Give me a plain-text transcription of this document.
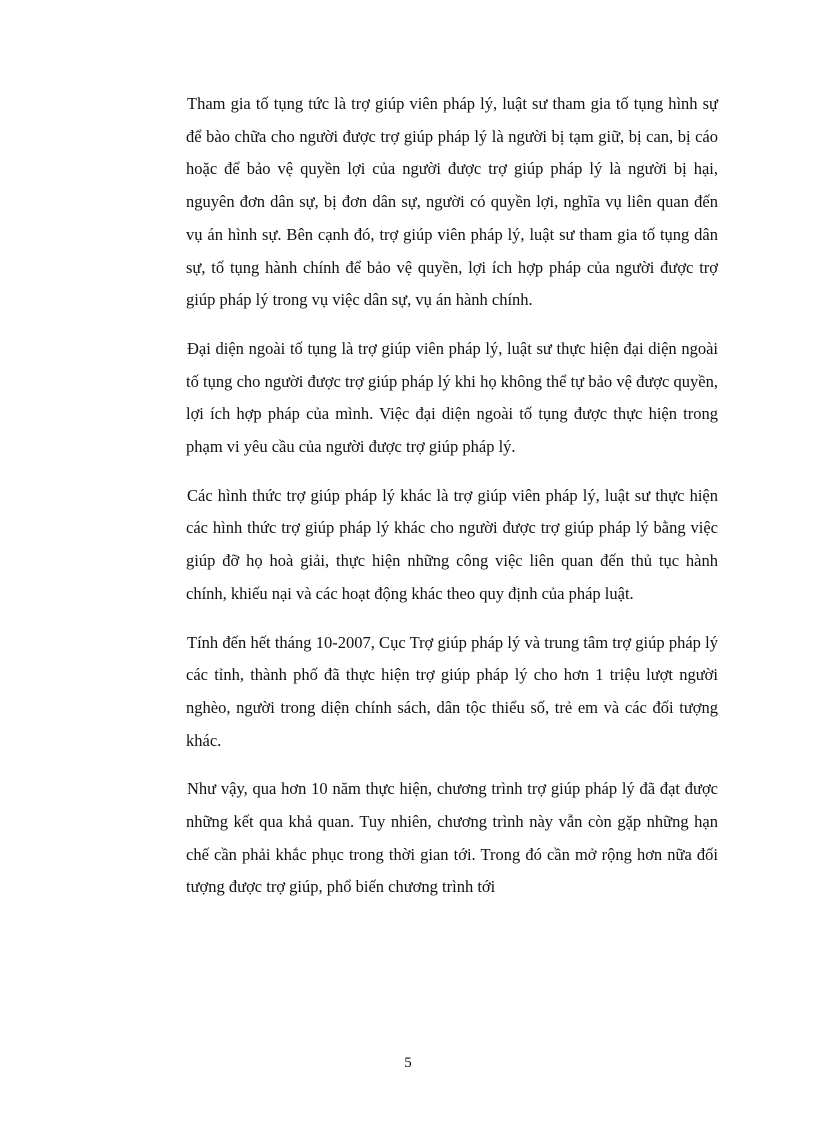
Tham gia tố tụng tức là trợ giúp viên pháp lý, luật sư tham gia tố tụng hình sự để bào chữa cho người được trợ giúp pháp lý là người bị tạm giữ, bị can, bị cáo hoặc để bảo vệ quyền lợi của người được trợ giúp pháp lý là người bị hại, nguyên đơn dân sự, bị đơn dân sự, người có quyền lợi, nghĩa vụ liên quan đến vụ án hình sự. Bên cạnh đó, trợ giúp viên pháp lý, luật sư tham gia tố tụng dân sự, tố tụng hành chính để bảo vệ quyền, lợi ích hợp pháp của người được trợ giúp pháp lý trong vụ việc dân sự, vụ án hành chính.

Đại diện ngoài tố tụng là trợ giúp viên pháp lý, luật sư thực hiện đại diện ngoài tố tụng cho người được trợ giúp pháp lý khi họ không thể tự bảo vệ được quyền, lợi ích hợp pháp của mình. Việc đại diện ngoài tố tụng được thực hiện trong phạm vi yêu cầu của người được trợ giúp pháp lý.

Các hình thức trợ giúp pháp lý khác là trợ giúp viên pháp lý, luật sư thực hiện các hình thức trợ giúp pháp lý khác cho người được trợ giúp pháp lý bằng việc giúp đỡ họ hoà giải, thực hiện những công việc liên quan đến thủ tục hành chính, khiếu nại và các hoạt động khác theo quy định của pháp luật.

Tính đến hết tháng 10-2007, Cục Trợ giúp pháp lý và trung tâm trợ giúp pháp lý các tỉnh, thành phố đã thực hiện trợ giúp pháp lý cho hơn 1 triệu lượt người nghèo, người trong diện chính sách, dân tộc thiểu số, trẻ em và các đối tượng khác.

Như vậy, qua hơn 10 năm thực hiện, chương trình trợ giúp pháp lý đã đạt được những kết qua khả quan. Tuy nhiên, chương trình này vẫn còn gặp những hạn chế cần phải khắc phục trong thời gian tới. Trong đó cần mở rộng hơn nữa đối tượng được trợ giúp, phổ biến chương trình tới

5
